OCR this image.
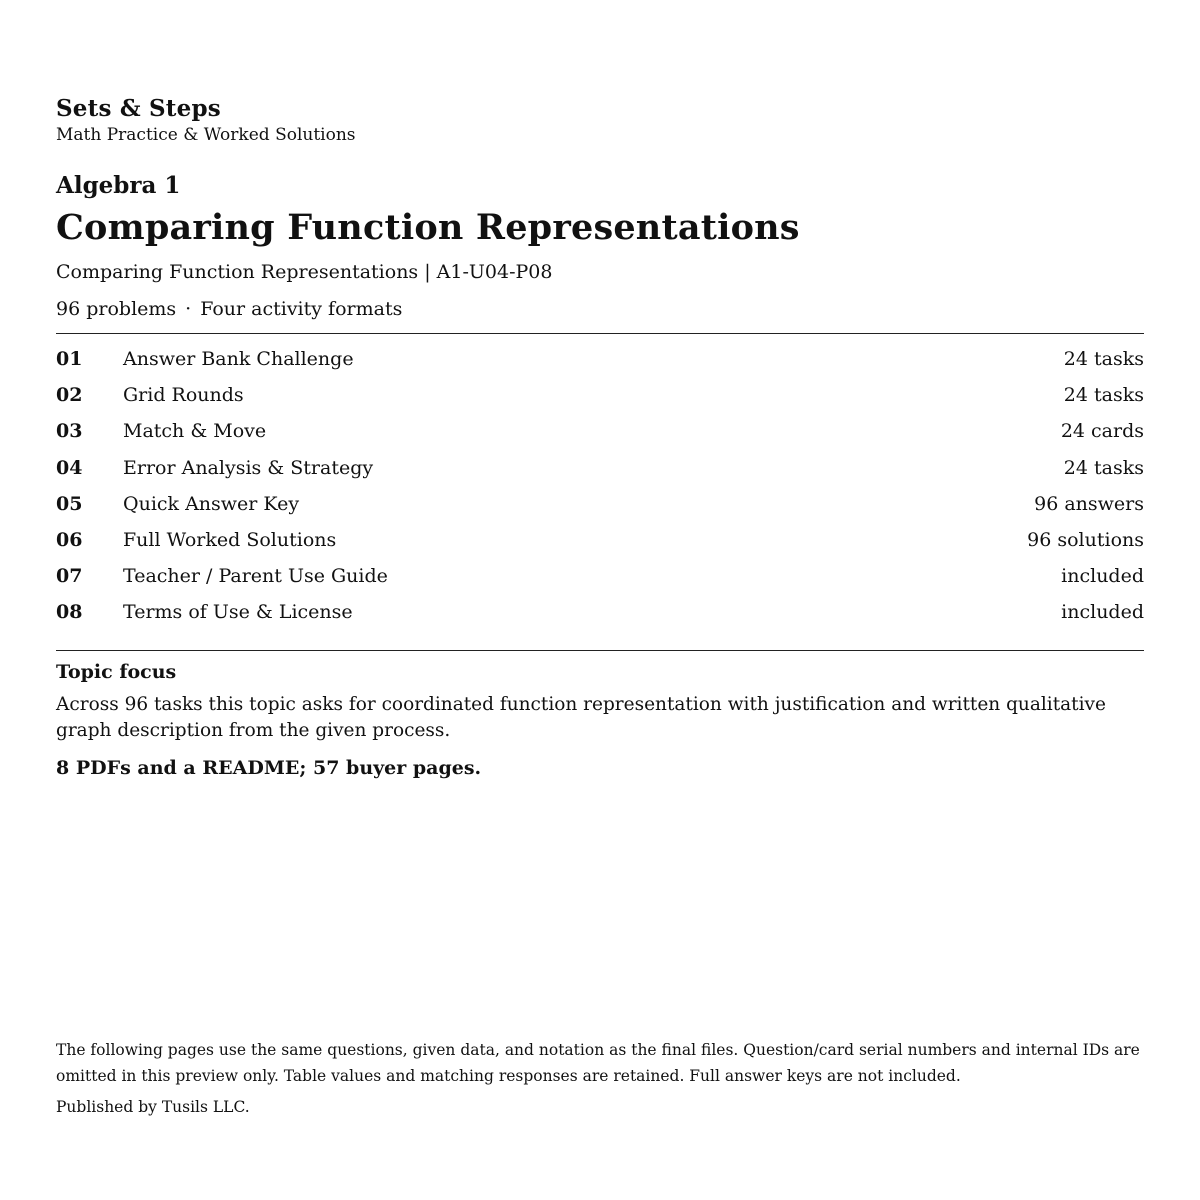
Sets & Steps
Math Practice & Worked Solutions
Algebra 1
Comparing Function Representations
Comparing Function Representations | A1-U04-P08
96 problems · Four activity formats
01	Answer Bank Challenge	24 tasks
02	Grid Rounds	24 tasks
03	Match & Move	24 cards
04	Error Analysis & Strategy	24 tasks
05	Quick Answer Key	96 answers
06	Full Worked Solutions	96 solutions
07	Teacher / Parent Use Guide	included
08	Terms of Use & License	included
Topic focus
Across 96 tasks this topic asks for coordinated function representation with justification and written qualitative graph description from the given process.
8 PDFs and a README; 57 buyer pages.
The following pages use the same questions, given data, and notation as the final files. Question/card serial numbers and internal IDs are omitted in this preview only. Table values and matching responses are retained. Full answer keys are not included.
Published by Tusils LLC.
